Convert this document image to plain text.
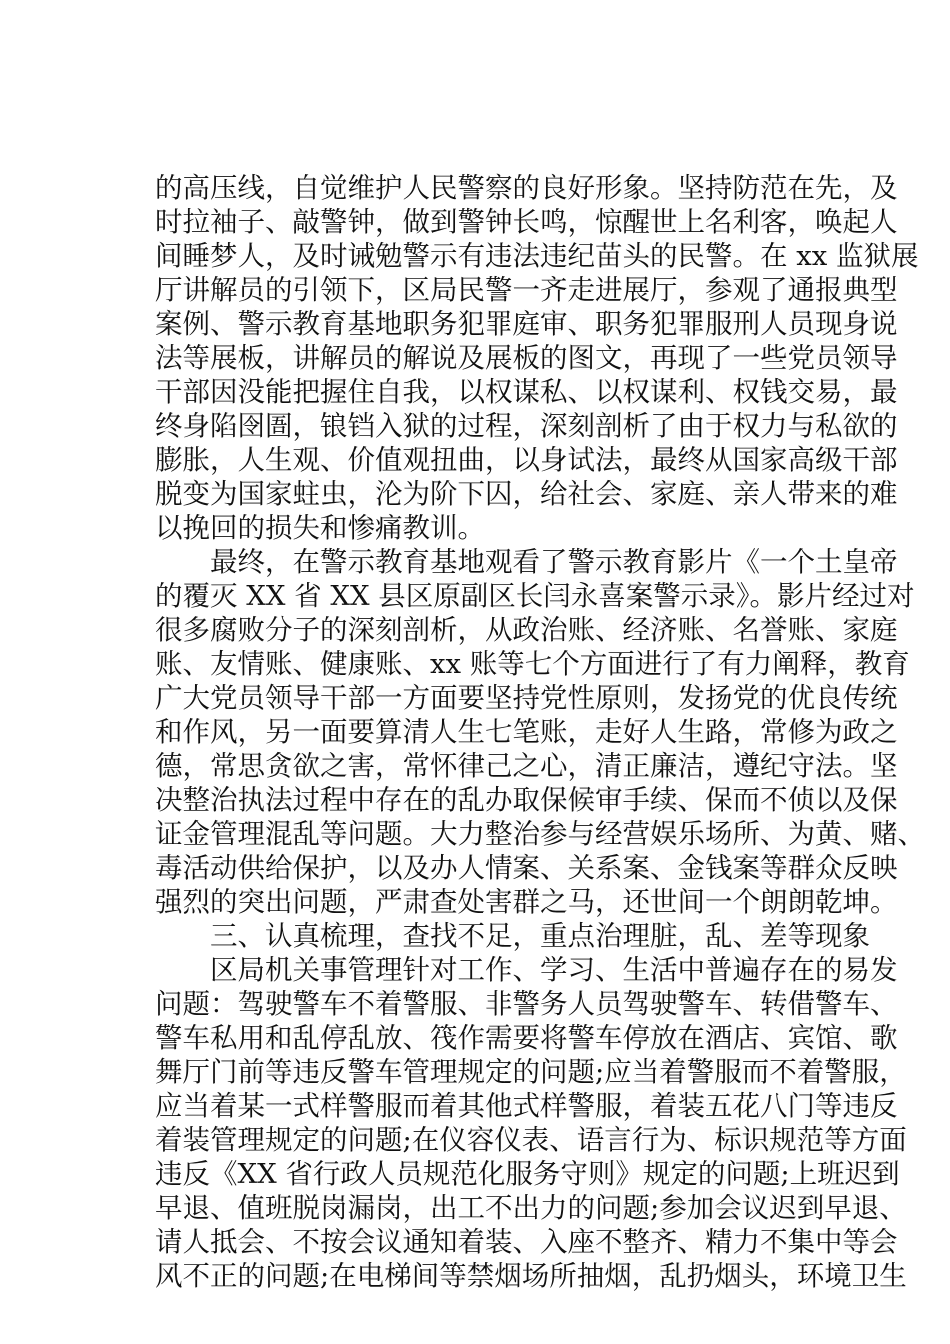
的高压线，自觉维护人民警察的良好形象。坚持防范在先，及
时拉袖子、敲警钟，做到警钟长鸣，惊醒世上名利客，唤起人
间睡梦人，及时诫勉警示有违法违纪苗头的民警。在 xx 监狱展
厅讲解员的引领下，区局民警一齐走进展厅，参观了通报典型
案例、警示教育基地职务犯罪庭审、职务犯罪服刑人员现身说
法等展板，讲解员的解说及展板的图文，再现了一些党员领导
干部因没能把握住自我，以权谋私、以权谋利、权钱交易，最
终身陷囹圄，锒铛入狱的过程，深刻剖析了由于权力与私欲的
膨胀，人生观、价值观扭曲，以身试法，最终从国家高级干部
脱变为国家蛀虫，沦为阶下囚，给社会、家庭、亲人带来的难
以挽回的损失和惨痛教训。
　　最终，在警示教育基地观看了警示教育影片《一个土皇帝
的覆灭 XX 省 XX 县区原副区长闫永喜案警示录》。影片经过对
很多腐败分子的深刻剖析，从政治账、经济账、名誉账、家庭
账、友情账、健康账、xx 账等七个方面进行了有力阐释，教育
广大党员领导干部一方面要坚持党性原则，发扬党的优良传统
和作风，另一面要算清人生七笔账，走好人生路，常修为政之
德，常思贪欲之害，常怀律己之心，清正廉洁，遵纪守法。坚
决整治执法过程中存在的乱办取保候审手续、保而不侦以及保
证金管理混乱等问题。大力整治参与经营娱乐场所、为黄、赌、
毒活动供给保护，以及办人情案、关系案、金钱案等群众反映
强烈的突出问题，严肃查处害群之马，还世间一个朗朗乾坤。
　　三、认真梳理，查找不足，重点治理脏，乱、差等现象
　　区局机关事管理针对工作、学习、生活中普遍存在的易发
问题：驾驶警车不着警服、非警务人员驾驶警车、转借警车、
警车私用和乱停乱放、筏作需要将警车停放在酒店、宾馆、歌
舞厅门前等违反警车管理规定的问题;应当着警服而不着警服，
应当着某一式样警服而着其他式样警服，着装五花八门等违反
着装管理规定的问题;在仪容仪表、语言行为、标识规范等方面
违反《XX 省行政人员规范化服务守则》规定的问题;上班迟到
早退、值班脱岗漏岗，出工不出力的问题;参加会议迟到早退、
请人抵会、不按会议通知着装、入座不整齐、精力不集中等会
风不正的问题;在电梯间等禁烟场所抽烟，乱扔烟头，环境卫生
